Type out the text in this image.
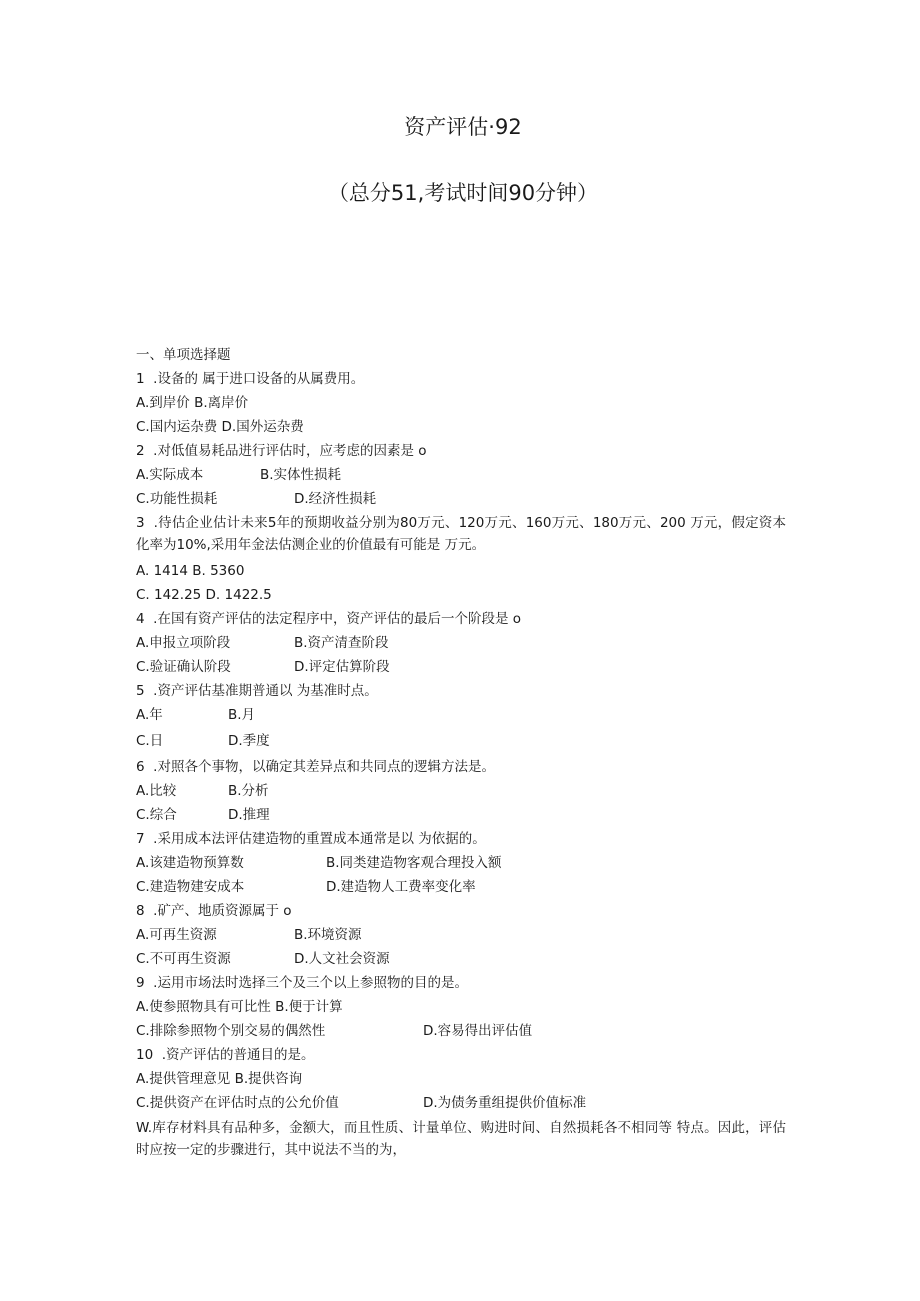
资产评估·92
（总分51,考试时间90分钟）
一、单项选择题
1  .设备的 属于进口设备的从属费用。
A.到岸价 B.离岸价
C.国内运杂费 D.国外运杂费
2  .对低值易耗品进行评估时，应考虑的因素是 o
A.实际成本	B.实体性损耗
C.功能性损耗	D.经济性损耗
3  .待估企业估计未来5年的预期收益分别为80万元、120万元、160万元、180万元、200 万元，假定资本化率为10%,采用年金法估测企业的价值最有可能是 万元。
A. 1414 B. 5360
C. 142.25 D. 1422.5
4  .在国有资产评估的法定程序中，资产评估的最后一个阶段是 o
A.申报立项阶段	B.资产清查阶段
C.验证确认阶段	D.评定估算阶段
5  .资产评估基准期普通以 为基准时点。
A.年	B.月
C.日	D.季度
6  .对照各个事物，以确定其差异点和共同点的逻辑方法是。
A.比较	B.分析
C.综合	D.推理
7  .采用成本法评估建造物的重置成本通常是以 为依据的。
A.该建造物预算数	B.同类建造物客观合理投入额
C.建造物建安成本	D.建造物人工费率变化率
8  .矿产、地质资源属于 o
A.可再生资源	B.环境资源
C.不可再生资源	D.人文社会资源
9  .运用市场法时选择三个及三个以上参照物的目的是。
A.使参照物具有可比性 B.便于计算
C.排除参照物个别交易的偶然性	D.容易得出评估值
10  .资产评估的普通目的是。
A.提供管理意见 B.提供咨询
C.提供资产在评估时点的公允价值	D.为债务重组提供价值标准
W.库存材料具有品种多，金额大，而且性质、计量单位、购进时间、自然损耗各不相同等 特点。因此，评估时应按一定的步骤进行，其中说法不当的为，
